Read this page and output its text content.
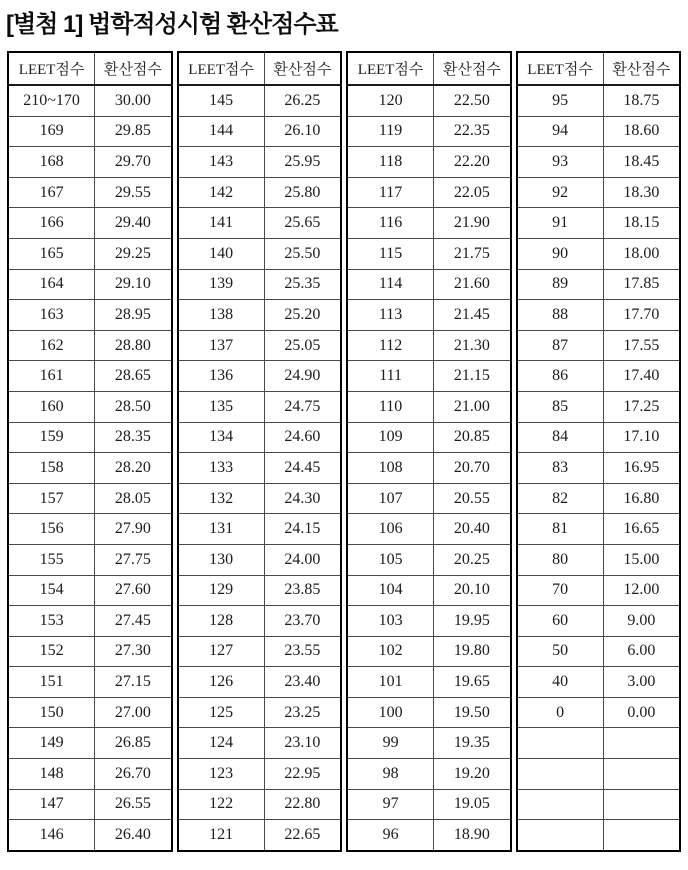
[별첨 1] 법학적성시험 환산점수표
LEET점수	환산점수
210~170	30.00
169	29.85
168	29.70
167	29.55
166	29.40
165	29.25
164	29.10
163	28.95
162	28.80
161	28.65
160	28.50
159	28.35
158	28.20
157	28.05
156	27.90
155	27.75
154	27.60
153	27.45
152	27.30
151	27.15
150	27.00
149	26.85
148	26.70
147	26.55
146	26.40
LEET점수	환산점수
145	26.25
144	26.10
143	25.95
142	25.80
141	25.65
140	25.50
139	25.35
138	25.20
137	25.05
136	24.90
135	24.75
134	24.60
133	24.45
132	24.30
131	24.15
130	24.00
129	23.85
128	23.70
127	23.55
126	23.40
125	23.25
124	23.10
123	22.95
122	22.80
121	22.65
LEET점수	환산점수
120	22.50
119	22.35
118	22.20
117	22.05
116	21.90
115	21.75
114	21.60
113	21.45
112	21.30
111	21.15
110	21.00
109	20.85
108	20.70
107	20.55
106	20.40
105	20.25
104	20.10
103	19.95
102	19.80
101	19.65
100	19.50
99	19.35
98	19.20
97	19.05
96	18.90
LEET점수	환산점수
95	18.75
94	18.60
93	18.45
92	18.30
91	18.15
90	18.00
89	17.85
88	17.70
87	17.55
86	17.40
85	17.25
84	17.10
83	16.95
82	16.80
81	16.65
80	15.00
70	12.00
60	9.00
50	6.00
40	3.00
0	0.00
